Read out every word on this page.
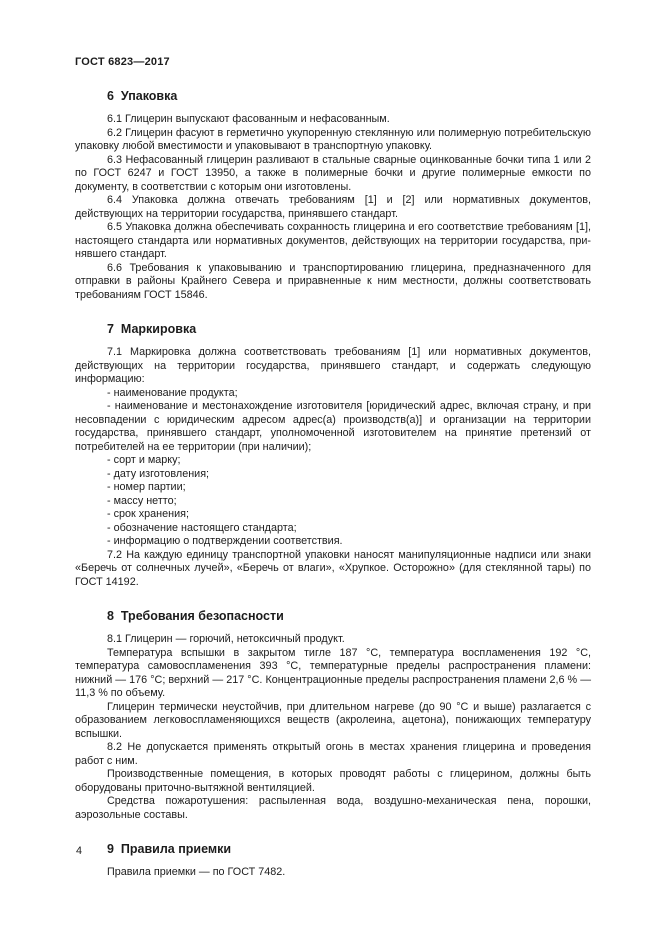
ГОСТ 6823—2017
6  Упаковка

6.1 Глицерин выпускают фасованным и нефасованным.

6.2 Глицерин фасуют в герметично укупоренную стеклянную или полимерную потребительскую упаковку любой вместимости и упаковывают в транспортную упаковку.

6.3 Нефасованный глицерин разливают в стальные сварные оцинкованные бочки типа 1 или 2 по ГОСТ 6247 и ГОСТ 13950, а также в полимерные бочки и другие полимерные емкости по документу, в соответствии с которым они изготовлены.

6.4 Упаковка должна отвечать требованиям [1] и [2] или нормативных документов, действующих на территории государства, принявшего стандарт.

6.5 Упаковка должна обеспечивать сохранность глицерина и его соответствие требованиям [1], настоящего стандарта или нормативных документов, действующих на территории государства, принявшего стандарт.

6.6 Требования к упаковыванию и транспортированию глицерина, предназначенного для отправки в районы Крайнего Севера и приравненные к ним местности, должны соответствовать требованиям ГОСТ 15846.

7  Маркировка

7.1 Маркировка должна соответствовать требованиям [1] или нормативных документов, действующих на территории государства, принявшего стандарт, и содержать следующую информацию:

- наименование продукта;

- наименование и местонахождение изготовителя [юридический адрес, включая страну, и при несовпадении с юридическим адресом адрес(а) производств(а)] и организации на территории государства, принявшего стандарт, уполномоченной изготовителем на принятие претензий от потребителей на ее территории (при наличии);

- сорт и марку;

- дату изготовления;

- номер партии;

- массу нетто;

- срок хранения;

- обозначение настоящего стандарта;

- информацию о подтверждении соответствия.

7.2 На каждую единицу транспортной упаковки наносят манипуляционные надписи или знаки «Беречь от солнечных лучей», «Беречь от влаги», «Хрупкое. Осторожно» (для стеклянной тары) по ГОСТ 14192.

8  Требования безопасности

8.1 Глицерин — горючий, нетоксичный продукт.

Температура вспышки в закрытом тигле 187 °С, температура воспламенения 192 °С, температура самовоспламенения 393 °С, температурные пределы распространения пламени: нижний — 176 °С; верхний — 217 °С. Концентрационные пределы распространения пламени 2,6 % — 11,3 % по объему.

Глицерин термически неустойчив, при длительном нагреве (до 90 °С и выше) разлагается с образованием легковоспламеняющихся веществ (акролеина, ацетона), понижающих температуру вспышки.

8.2 Не допускается применять открытый огонь в местах хранения глицерина и проведения работ с ним.

Производственные помещения, в которых проводят работы с глицерином, должны быть оборудованы приточно-вытяжной вентиляцией.

Средства пожаротушения: распыленная вода, воздушно-механическая пена, порошки, аэрозольные составы.

9  Правила приемки

Правила приемки — по ГОСТ 7482.

4
